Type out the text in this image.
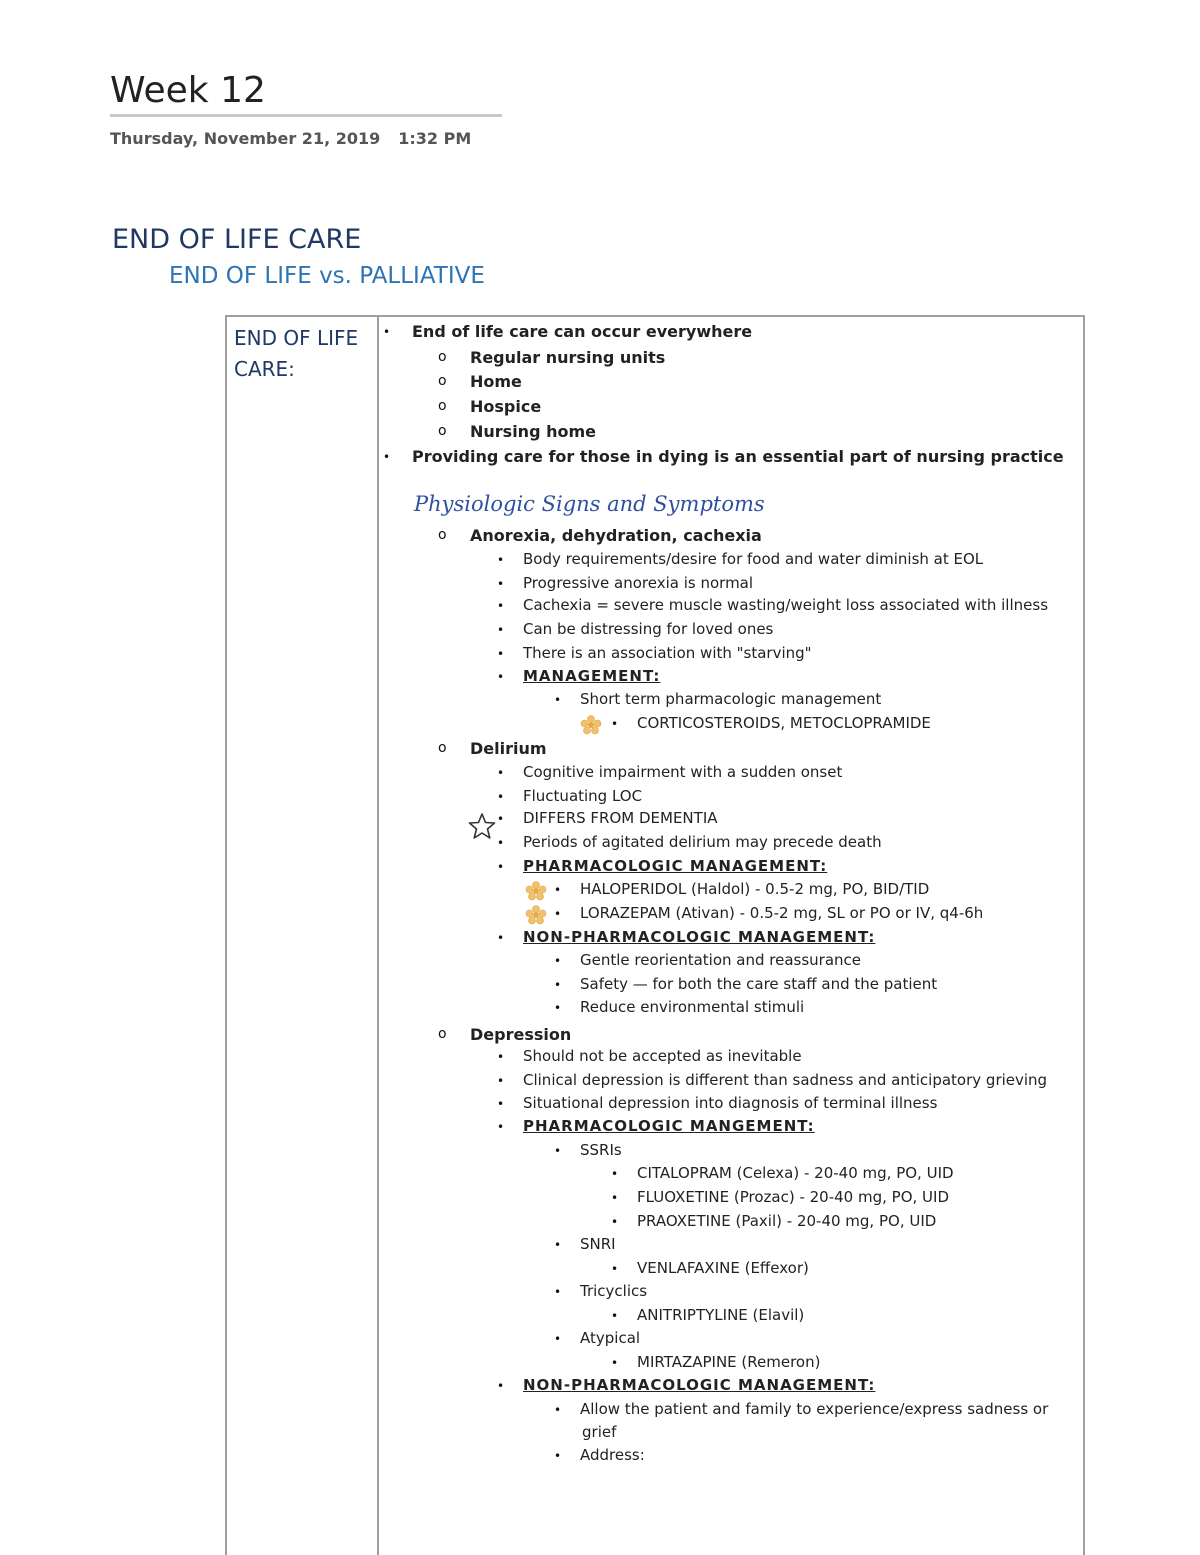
Week 12
Thursday, November 21, 2019 1:32 PM
END OF LIFE CARE
END OF LIFE vs. PALLIATIVE
END OF LIFE
CARE:
Physiologic Signs and Symptoms
• End of life care can occur everywhere
o Regular nursing units
o Home
o Hospice
o Nursing home
• Providing care for those in dying is an essential part of nursing practice
o Anorexia, dehydration, cachexia
• Body requirements/desire for food and water diminish at EOL
• Progressive anorexia is normal
• Cachexia = severe muscle wasting/weight loss associated with illness
• Can be distressing for loved ones
• There is an association with "starving"
• MANAGEMENT:
• Short term pharmacologic management
• CORTICOSTEROIDS, METOCLOPRAMIDE
o Delirium
• Cognitive impairment with a sudden onset
• Fluctuating LOC
• DIFFERS FROM DEMENTIA
• Periods of agitated delirium may precede death
• PHARMACOLOGIC MANAGEMENT:
• HALOPERIDOL (Haldol) - 0.5-2 mg, PO, BID/TID
• LORAZEPAM (Ativan) - 0.5-2 mg, SL or PO or IV, q4-6h
• NON-PHARMACOLOGIC MANAGEMENT:
• Gentle reorientation and reassurance
• Safety — for both the care staff and the patient
• Reduce environmental stimuli
o Depression
• Should not be accepted as inevitable
• Clinical depression is different than sadness and anticipatory grieving
• Situational depression into diagnosis of terminal illness
• PHARMACOLOGIC MANGEMENT:
• SSRIs
• CITALOPRAM (Celexa) - 20-40 mg, PO, UID
• FLUOXETINE (Prozac) - 20-40 mg, PO, UID
• PRAOXETINE (Paxil) - 20-40 mg, PO, UID
• SNRI
• VENLAFAXINE (Effexor)
• Tricyclics
• ANITRIPTYLINE (Elavil)
• Atypical
• MIRTAZAPINE (Remeron)
• NON-PHARMACOLOGIC MANAGEMENT:
• Allow the patient and family to experience/express sadness or
grief
• Address:
